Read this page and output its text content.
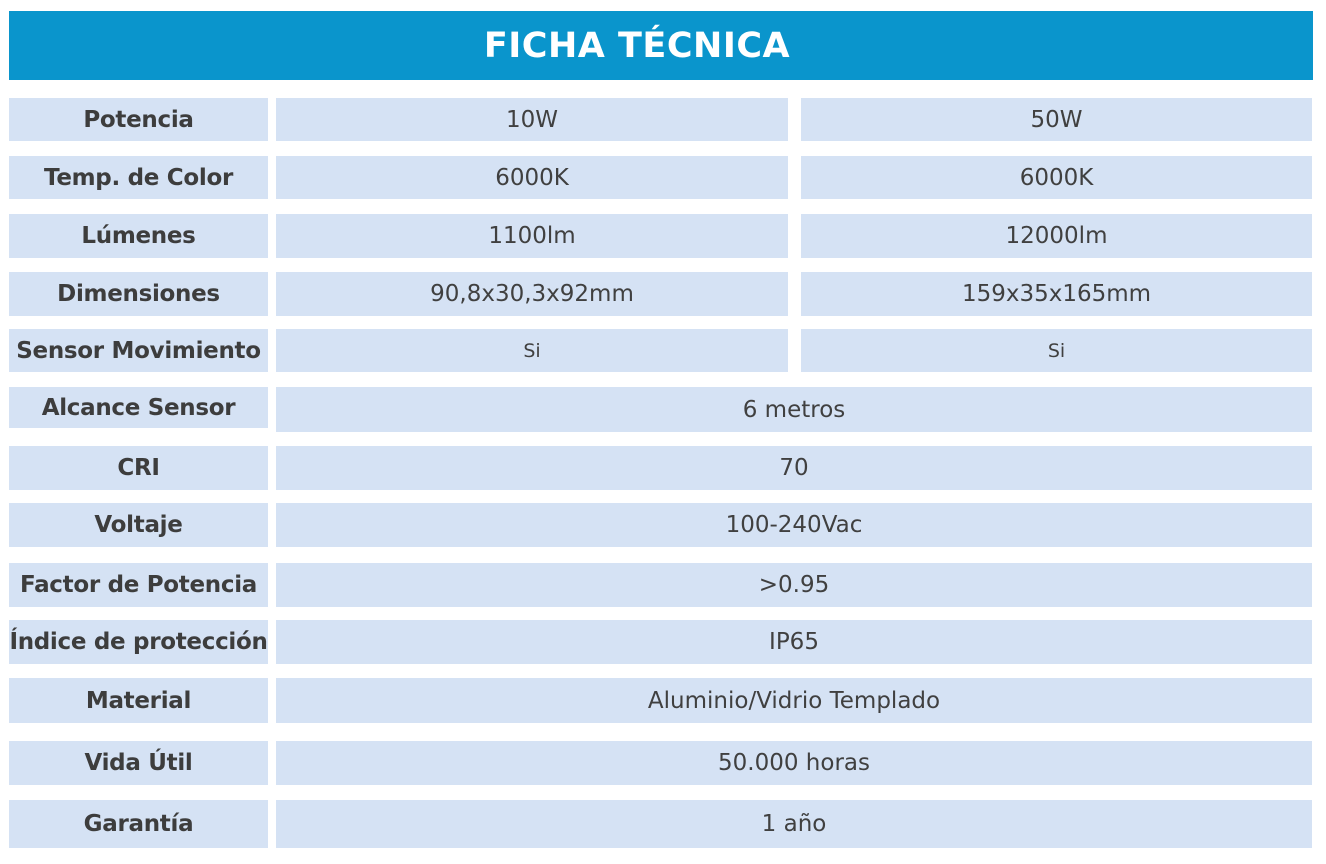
FICHA TÉCNICA
Potencia	10W	50W
Temp. de Color	6000K	6000K
Lúmenes	1100lm	12000lm
Dimensiones	90,8x30,3x92mm	159x35x165mm
Sensor Movimiento	Si	Si
Alcance Sensor	6 metros
CRI	70
Voltaje	100-240Vac
Factor de Potencia	>0.95
Índice de protección	IP65
Material	Aluminio/Vidrio Templado
Vida Útil	50.000 horas
Garantía	1 año
